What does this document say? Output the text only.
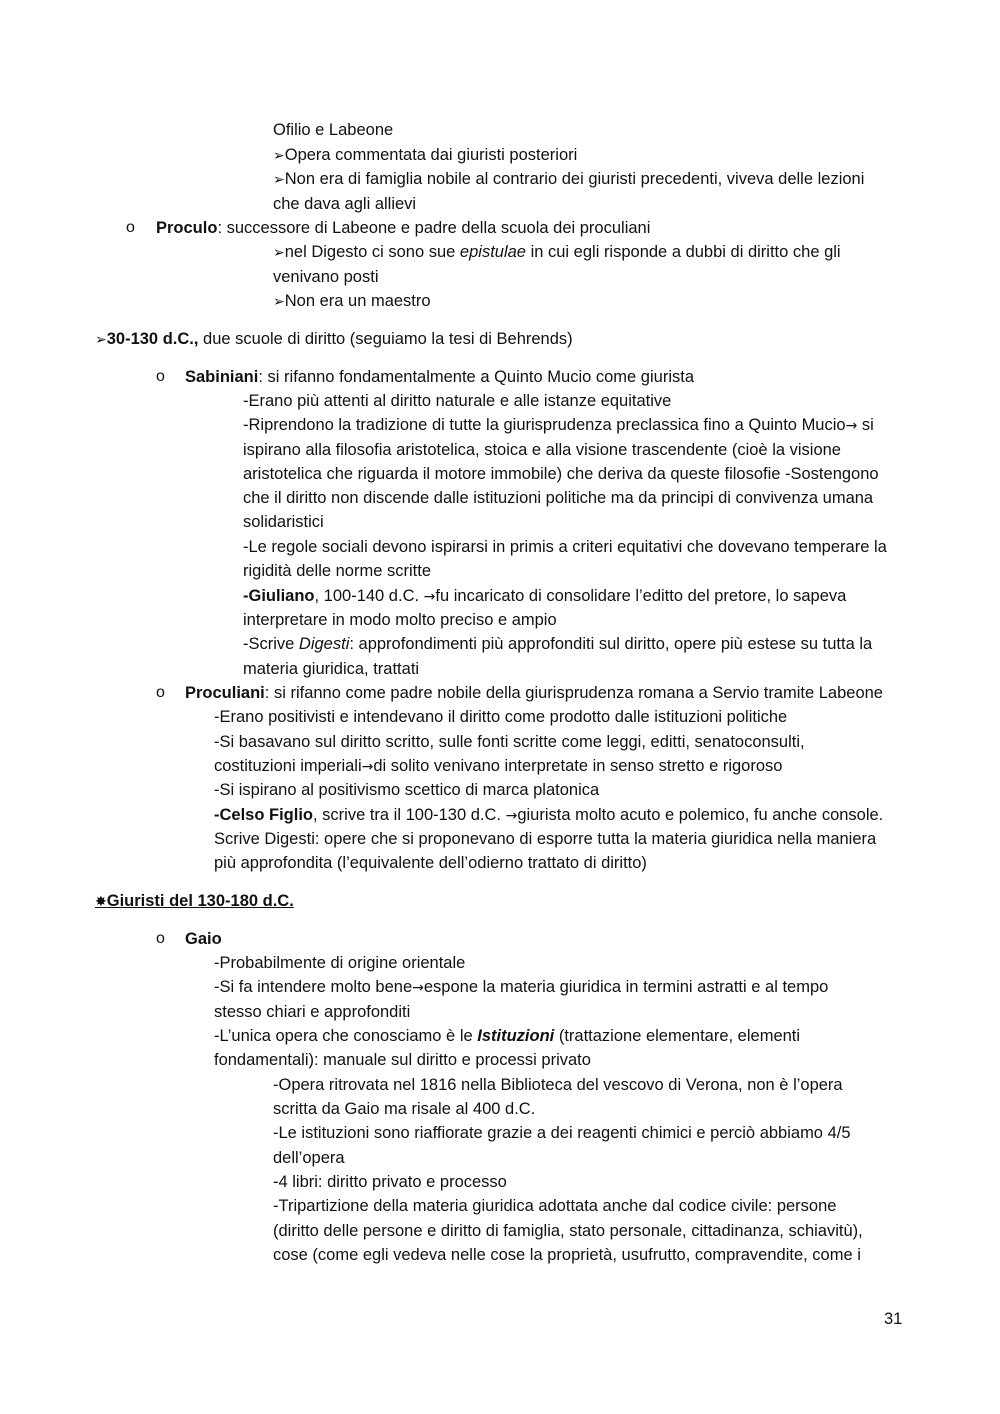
Ofilio e Labeone
➢Opera commentata dai giuristi posteriori
➢Non era di famiglia nobile al contrario dei giuristi precedenti, viveva delle lezioni
che dava agli allievi
o Proculo: successore di Labeone e padre della scuola dei proculiani
➢nel Digesto ci sono sue epistulae in cui egli risponde a dubbi di diritto che gli
venivano posti
➢Non era un maestro
➢30-130 d.C., due scuole di diritto (seguiamo la tesi di Behrends)
o Sabiniani: si rifanno fondamentalmente a Quinto Mucio come giurista
-Erano più attenti al diritto naturale e alle istanze equitative
-Riprendono la tradizione di tutte la giurisprudenza preclassica fino a Quinto Mucio→ si
ispirano alla filosofia aristotelica, stoica e alla visione trascendente (cioè la visione
aristotelica che riguarda il motore immobile) che deriva da queste filosofie -Sostengono
che il diritto non discende dalle istituzioni politiche ma da principi di convivenza umana
solidaristici
-Le regole sociali devono ispirarsi in primis a criteri equitativi che dovevano temperare la
rigidità delle norme scritte
-Giuliano, 100-140 d.C. →fu incaricato di consolidare l’editto del pretore, lo sapeva
interpretare in modo molto preciso e ampio
-Scrive Digesti: approfondimenti più approfonditi sul diritto, opere più estese su tutta la
materia giuridica, trattati
o Proculiani: si rifanno come padre nobile della giurisprudenza romana a Servio tramite Labeone
-Erano positivisti e intendevano il diritto come prodotto dalle istituzioni politiche
-Si basavano sul diritto scritto, sulle fonti scritte come leggi, editti, senatoconsulti,
costituzioni imperiali→di solito venivano interpretate in senso stretto e rigoroso
-Si ispirano al positivismo scettico di marca platonica
-Celso Figlio, scrive tra il 100-130 d.C. →giurista molto acuto e polemico, fu anche console.
Scrive Digesti: opere che si proponevano di esporre tutta la materia giuridica nella maniera
più approfondita (l’equivalente dell’odierno trattato di diritto)
✸Giuristi del 130-180 d.C.
o Gaio
-Probabilmente di origine orientale
-Si fa intendere molto bene→espone la materia giuridica in termini astratti e al tempo
stesso chiari e approfonditi
-L’unica opera che conosciamo è le Istituzioni (trattazione elementare, elementi
fondamentali): manuale sul diritto e processi privato
-Opera ritrovata nel 1816 nella Biblioteca del vescovo di Verona, non è l’opera
scritta da Gaio ma risale al 400 d.C.
-Le istituzioni sono riaffiorate grazie a dei reagenti chimici e perciò abbiamo 4/5
dell’opera
-4 libri: diritto privato e processo
-Tripartizione della materia giuridica adottata anche dal codice civile: persone
(diritto delle persone e diritto di famiglia, stato personale, cittadinanza, schiavitù),
cose (come egli vedeva nelle cose la proprietà, usufrutto, compravendite, come i
31
